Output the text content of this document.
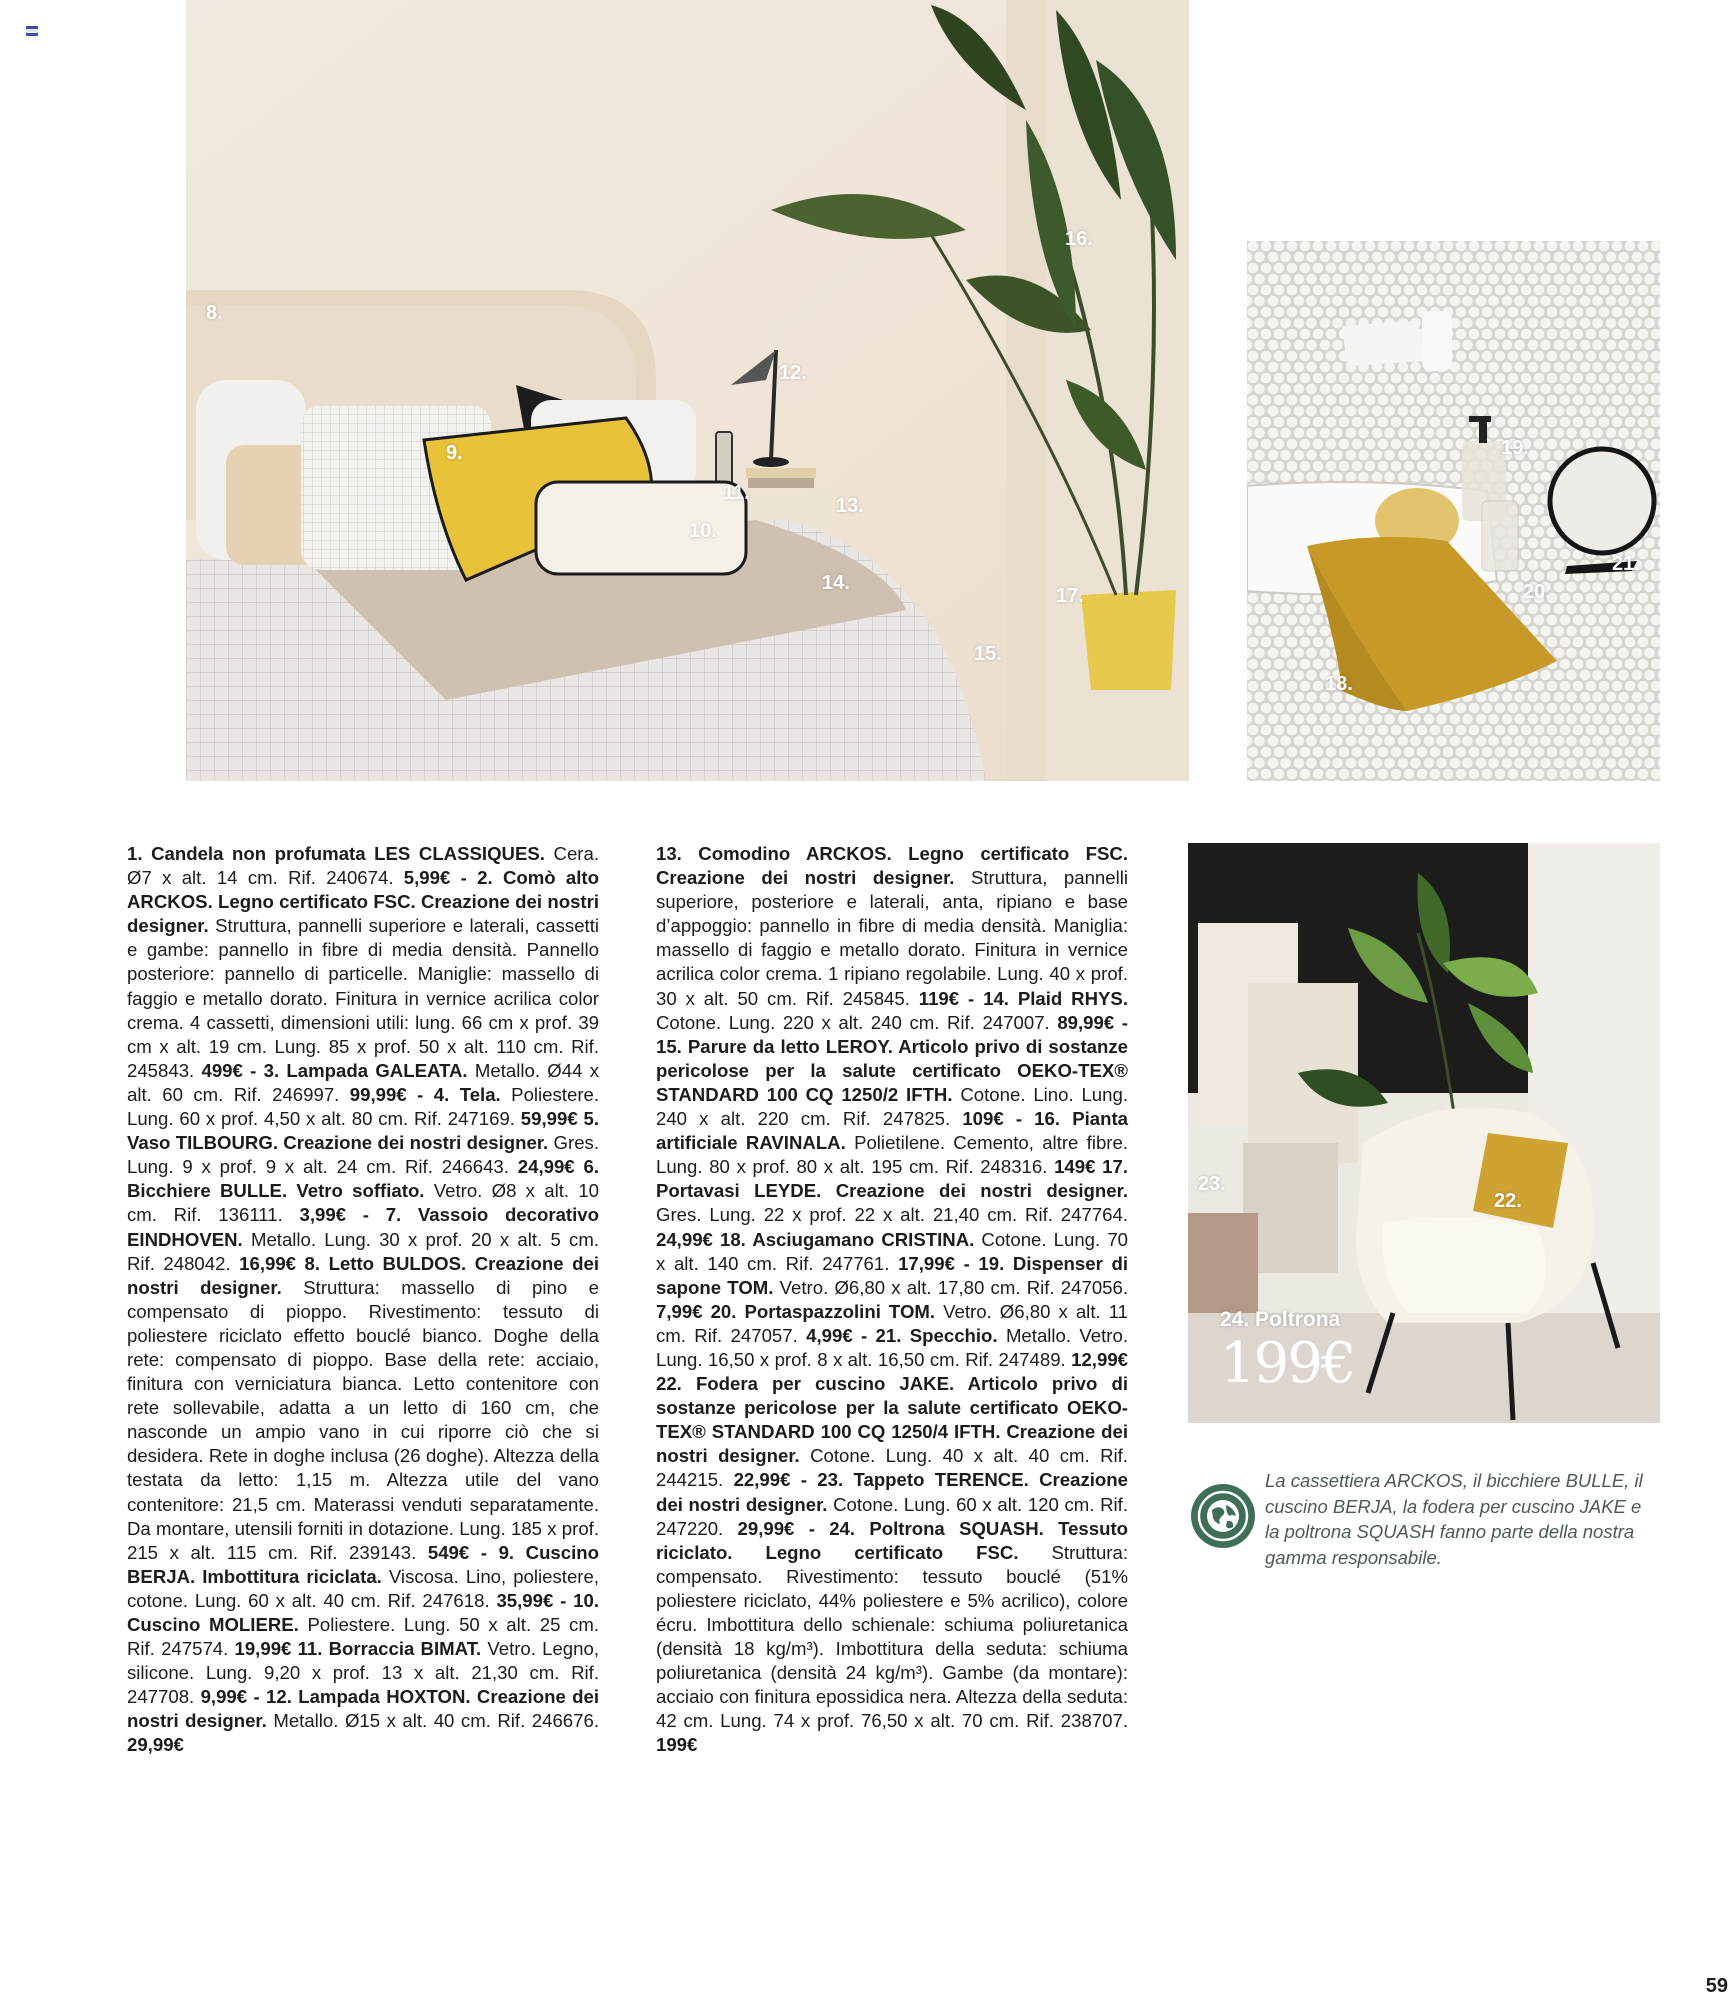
8.
9.
10.
11.
12.
13.
14.
15.
16.
17.
18.
19.
20.
21.
23.
22.
24. Poltrona
199€
1. Candela non profumata LES CLASSIQUES. Cera. Ø7 x alt. 14 cm. Rif. 240674. 5,99€ - 2. Comò alto ARCKOS. Legno certificato FSC. Creazione dei nostri designer. Struttura, pannelli superiore e laterali, cassetti e gambe: pannello in fibre di media densità. Pannello posteriore: pannello di particelle. Maniglie: massello di faggio e metallo dorato. Finitura in vernice acrilica color crema. 4 cassetti, dimensioni utili: lung. 66 cm x prof. 39 cm x alt. 19 cm. Lung. 85 x prof. 50 x alt. 110 cm. Rif. 245843. 499€ - 3. Lampada GALEATA. Metallo. Ø44 x alt. 60 cm. Rif. 246997. 99,99€ - 4. Tela. Poliestere. Lung. 60 x prof. 4,50 x alt. 80 cm. Rif. 247169. 59,99€ 5. Vaso TILBOURG. Creazione dei nostri designer. Gres. Lung. 9 x prof. 9 x alt. 24 cm. Rif. 246643. 24,99€ 6. Bicchiere BULLE. Vetro soffiato. Vetro. Ø8 x alt. 10 cm. Rif. 136111. 3,99€ - 7. Vassoio decorativo EINDHOVEN. Metallo. Lung. 30 x prof. 20 x alt. 5 cm. Rif. 248042. 16,99€ 8. Letto BULDOS. Creazione dei nostri designer. Struttura: massello di pino e compensato di pioppo. Rivestimento: tessuto di poliestere riciclato effetto bouclé bianco. Doghe della rete: compensato di pioppo. Base della rete: acciaio, finitura con verniciatura bianca. Letto contenitore con rete sollevabile, adatta a un letto di 160 cm, che nasconde un ampio vano in cui riporre ciò che si desidera. Rete in doghe inclusa (26 doghe). Altezza della testata da letto: 1,15 m. Altezza utile del vano contenitore: 21,5 cm. Materassi venduti separatamente. Da montare, utensili forniti in dotazione. Lung. 185 x prof. 215 x alt. 115 cm. Rif. 239143. 549€ - 9. Cuscino BERJA. Imbottitura riciclata. Viscosa. Lino, poliestere, cotone. Lung. 60 x alt. 40 cm. Rif. 247618. 35,99€ - 10. Cuscino MOLIERE. Poliestere. Lung. 50 x alt. 25 cm. Rif. 247574. 19,99€ 11. Borraccia BIMAT. Vetro. Legno, silicone. Lung. 9,20 x prof. 13 x alt. 21,30 cm. Rif. 247708. 9,99€ - 12. Lampada HOXTON. Creazione dei nostri designer. Metallo. Ø15 x alt. 40 cm. Rif. 246676. 29,99€
13. Comodino ARCKOS. Legno certificato FSC. Creazione dei nostri designer. Struttura, pannelli superiore, posteriore e laterali, anta, ripiano e base d’appoggio: pannello in fibre di media densità. Maniglia: massello di faggio e metallo dorato. Finitura in vernice acrilica color crema. 1 ripiano regolabile. Lung. 40 x prof. 30 x alt. 50 cm. Rif. 245845. 119€ - 14. Plaid RHYS. Cotone. Lung. 220 x alt. 240 cm. Rif. 247007. 89,99€ - 15. Parure da letto LEROY. Articolo privo di sostanze pericolose per la salute certificato OEKO-TEX® STANDARD 100 CQ 1250/2 IFTH. Cotone. Lino. Lung. 240 x alt. 220 cm. Rif. 247825. 109€ - 16. Pianta artificiale RAVINALA. Polietilene. Cemento, altre fibre. Lung. 80 x prof. 80 x alt. 195 cm. Rif. 248316. 149€ 17. Portavasi LEYDE. Creazione dei nostri designer. Gres. Lung. 22 x prof. 22 x alt. 21,40 cm. Rif. 247764. 24,99€ 18. Asciugamano CRISTINA. Cotone. Lung. 70 x alt. 140 cm. Rif. 247761. 17,99€ - 19. Dispenser di sapone TOM. Vetro. Ø6,80 x alt. 17,80 cm. Rif. 247056. 7,99€ 20. Portaspazzolini TOM. Vetro. Ø6,80 x alt. 11 cm. Rif. 247057. 4,99€ - 21. Specchio. Metallo. Vetro. Lung. 16,50 x prof. 8 x alt. 16,50 cm. Rif. 247489. 12,99€ 22. Fodera per cuscino JAKE. Articolo privo di sostanze pericolose per la salute certificato OEKO-TEX® STANDARD 100 CQ 1250/4 IFTH. Creazione dei nostri designer. Cotone. Lung. 40 x alt. 40 cm. Rif. 244215. 22,99€ - 23. Tappeto TERENCE. Creazione dei nostri designer. Cotone. Lung. 60 x alt. 120 cm. Rif. 247220. 29,99€ - 24. Poltrona SQUASH. Tessuto riciclato. Legno certificato FSC. Struttura: compensato. Rivestimento: tessuto bouclé (51% poliestere riciclato, 44% poliestere e 5% acrilico), colore écru. Imbottitura dello schienale: schiuma poliuretanica (densità 18 kg/m³). Imbottitura della seduta: schiuma poliuretanica (densità 24 kg/m³). Gambe (da montare): acciaio con finitura epossidica nera. Altezza della seduta: 42 cm. Lung. 74 x prof. 76,50 x alt. 70 cm. Rif. 238707. 199€
La cassettiera ARCKOS, il bicchiere BULLE, il cuscino BERJA, la fodera per cuscino JAKE e la poltrona SQUASH fanno parte della nostra gamma responsabile.
59
